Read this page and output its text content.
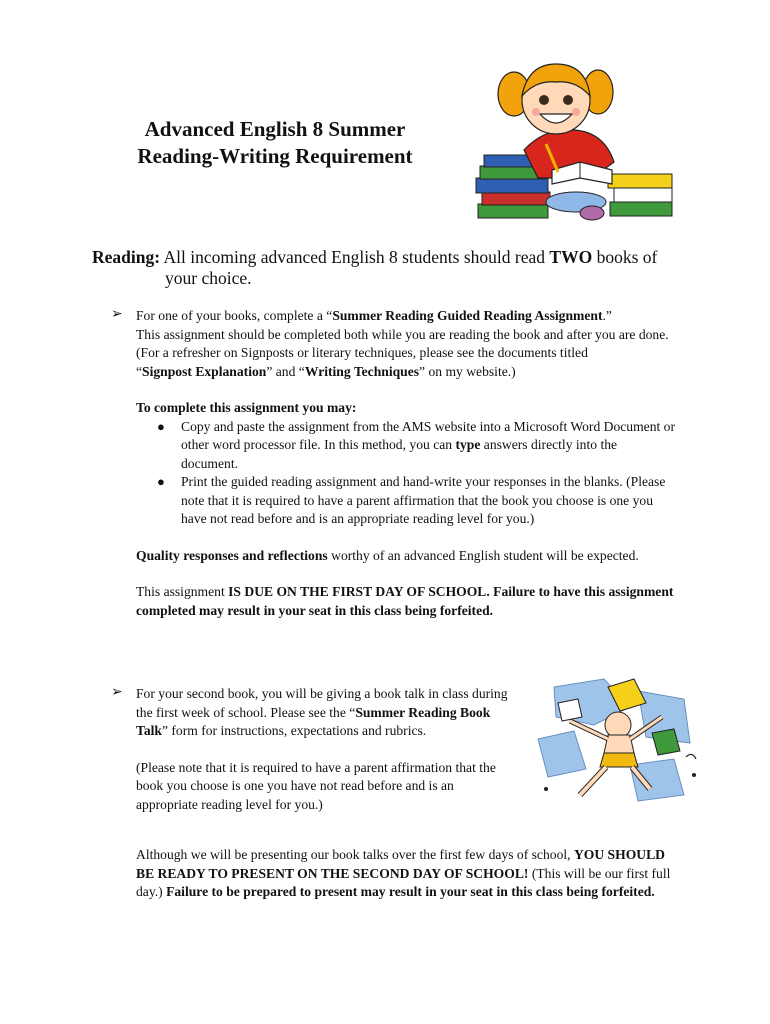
Advanced English 8 Summer
Reading-Writing Requirement
Reading: All incoming advanced English 8 students should read TWO books of
your choice.
➢ For one of your books, complete a “Summer Reading Guided Reading Assignment.”

This assignment should be completed both while you are reading the book and after you are done.

(For a refresher on Signposts or literary techniques, please see the documents titled

“Signpost Explanation” and “Writing Techniques” on my website.)

To complete this assignment you may:

● Copy and paste the assignment from the AMS website into a Microsoft Word Document or other word processor file. In this method, you can type answers directly into the document.
● Print the guided reading assignment and hand-write your responses in the blanks. (Please note that it is required to have a parent affirmation that the book you choose is one you have not read before and is an appropriate reading level for you.)

Quality responses and reflections worthy of an advanced English student will be expected.

This assignment IS DUE ON THE FIRST DAY OF SCHOOL. Failure to have this assignment completed may result in your seat in this class being forfeited.

➢ For your second book, you will be giving a book talk in class during the first week of school. Please see the “Summer Reading Book Talk” form for instructions, expectations and rubrics.

(Please note that it is required to have a parent affirmation that the book you choose is one you have not read before and is an appropriate reading level for you.)

Although we will be presenting our book talks over the first few days of school, YOU SHOULD BE READY TO PRESENT ON THE SECOND DAY OF SCHOOL! (This will be our first full day.) Failure to be prepared to present may result in your seat in this class being forfeited.
